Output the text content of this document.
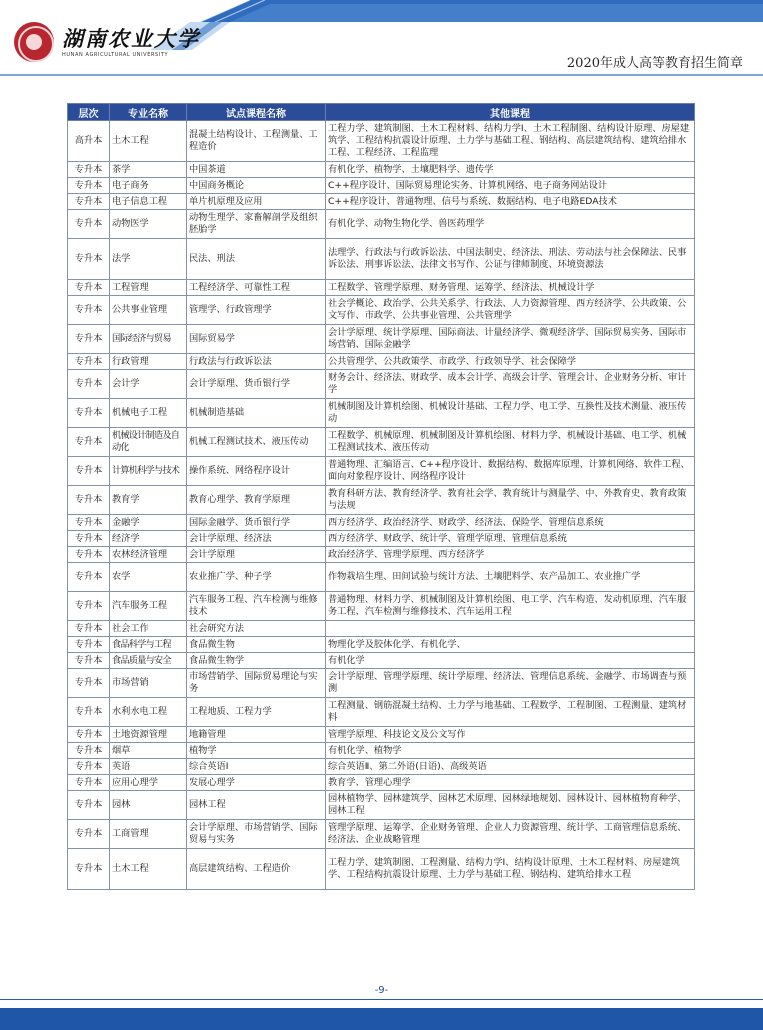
湖南农业大学
HUNAN AGRICULTURAL UNIVERSITY
2020年成人高等教育招生简章
层次	专业名称	试点课程名称	其他课程
高升本	土木工程	混凝土结构设计、工程测量、工程造价	工程力学、建筑制图、土木工程材料、结构力学Ⅰ、土木工程制图、结构设计原理、房屋建筑学、工程结构抗震设计原理、土力学与基础工程、钢结构、高层建筑结构、建筑给排水工程、工程经济、工程监理
专升本	茶学	中国茶道	有机化学、植物学、土壤肥料学、遗传学
专升本	电子商务	中国商务概论	C++程序设计、国际贸易理论实务、计算机网络、电子商务网站设计
专升本	电子信息工程	单片机原理及应用	C++程序设计、普通物理、信号与系统、数据结构、电子电路EDA技术
专升本	动物医学	动物生理学、家畜解剖学及组织胚胎学	有机化学、动物生物化学、兽医药理学
专升本	法学	民法、刑法	法理学、行政法与行政诉讼法、中国法制史、经济法、刑法、劳动法与社会保障法、民事诉讼法、刑事诉讼法、法律文书写作、公证与律师制度、环境资源法
专升本	工程管理	工程经济学、可靠性工程	工程数学、管理学原理、财务管理、运筹学、经济法、机械设计学
专升本	公共事业管理	管理学、行政管理学	社会学概论、政治学、公共关系学、行政法、人力资源管理、西方经济学、公共政策、公文写作、市政学、公共事业管理、公共管理学
专升本	国际经济与贸易	国际贸易学	会计学原理、统计学原理、国际商法、计量经济学、微观经济学、国际贸易实务、国际市场营销、国际金融学
专升本	行政管理	行政法与行政诉讼法	公共管理学、公共政策学、市政学、行政领导学、社会保障学
专升本	会计学	会计学原理、货币银行学	财务会计、经济法、财政学、成本会计学、高级会计学、管理会计、企业财务分析、审计学
专升本	机械电子工程	机械制造基础	机械制图及计算机绘图、机械设计基础、工程力学、电工学、互换性及技术测量、液压传动
专升本	机械设计制造及自动化	机械工程测试技术、液压传动	工程数学、机械原理、机械制图及计算机绘图、材料力学、机械设计基础、电工学、机械工程测试技术、液压传动
专升本	计算机科学与技术	操作系统、网络程序设计	普通物理、汇编语言、C++程序设计、数据结构、数据库原理、计算机网络、软件工程、面向对象程序设计、网络程序设计
专升本	教育学	教育心理学、教育学原理	教育科研方法、教育经济学、教育社会学、教育统计与测量学、中、外教育史、教育政策与法规
专升本	金融学	国际金融学、货币银行学	西方经济学、政治经济学、财政学、经济法、保险学、管理信息系统
专升本	经济学	会计学原理、经济法	西方经济学、财政学、统计学、管理学原理、管理信息系统
专升本	农林经济管理	会计学原理	政治经济学、管理学原理、西方经济学
专升本	农学	农业推广学、种子学	作物栽培生理、田间试验与统计方法、土壤肥料学、农产品加工、农业推广学
专升本	汽车服务工程	汽车服务工程、汽车检测与维修技术	普通物理、材料力学、机械制图及计算机绘图、电工学、汽车构造、发动机原理、汽车服务工程、汽车检测与维修技术、汽车运用工程
专升本	社会工作	社会研究方法	
专升本	食品科学与工程	食品微生物	物理化学及胶体化学、有机化学、
专升本	食品质量与安全	食品微生物学	有机化学
专升本	市场营销	市场营销学、国际贸易理论与实务	会计学原理、管理学原理、统计学原理、经济法、管理信息系统、金融学、市场调查与预测
专升本	水利水电工程	工程地质、工程力学	工程测量、钢筋混凝土结构、土力学与地基础、工程数学、工程制图、工程测量、建筑材料
专升本	土地资源管理	地籍管理	管理学原理、科技论文及公文写作
专升本	烟草	植物学	有机化学、植物学
专升本	英语	综合英语Ⅰ	综合英语Ⅱ、第二外语(日语)、高级英语
专升本	应用心理学	发展心理学	教育学、管理心理学
专升本	园林	园林工程	园林植物学、园林建筑学、园林艺术原理、园林绿地规划、园林设计、园林植物育种学、园林工程
专升本	工商管理	会计学原理、市场营销学、国际贸易与实务	管理学原理、运筹学、企业财务管理、企业人力资源管理、统计学、工商管理信息系统、经济法、企业战略管理
专升本	土木工程	高层建筑结构、工程造价	工程力学、建筑制图、工程测量、结构力学Ⅰ、结构设计原理、土木工程材料、房屋建筑学、工程结构抗震设计原理、土力学与基础工程、钢结构、建筑给排水工程
-9-
